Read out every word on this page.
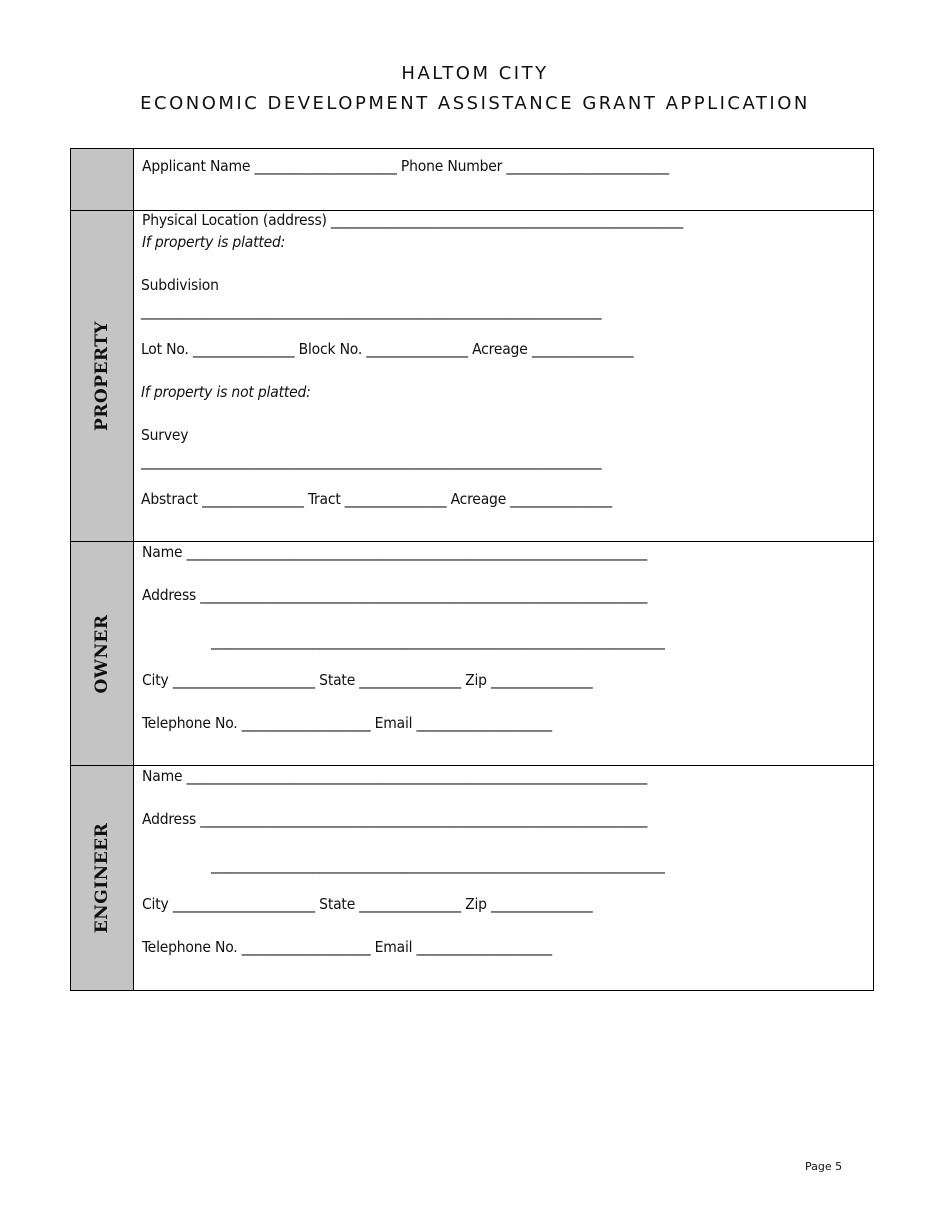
HALTOM CITY
ECONOMIC DEVELOPMENT ASSISTANCE GRANT APPLICATION
Applicant Name _____________________ Phone Number ________________________
PROPERTY
Physical Location (address) ____________________________________________________
If property is platted:
Subdivision
____________________________________________________________________
Lot No. _______________ Block No. _______________ Acreage _______________
If property is not platted:
Survey
____________________________________________________________________
Abstract _______________ Tract _______________ Acreage _______________
OWNER
Name ____________________________________________________________________
Address __________________________________________________________________
___________________________________________________________________
City _____________________ State _______________ Zip _______________
Telephone No. ___________________ Email ____________________
ENGINEER
Name ____________________________________________________________________
Address __________________________________________________________________
___________________________________________________________________
City _____________________ State _______________ Zip _______________
Telephone No. ___________________ Email ____________________
Page 5
